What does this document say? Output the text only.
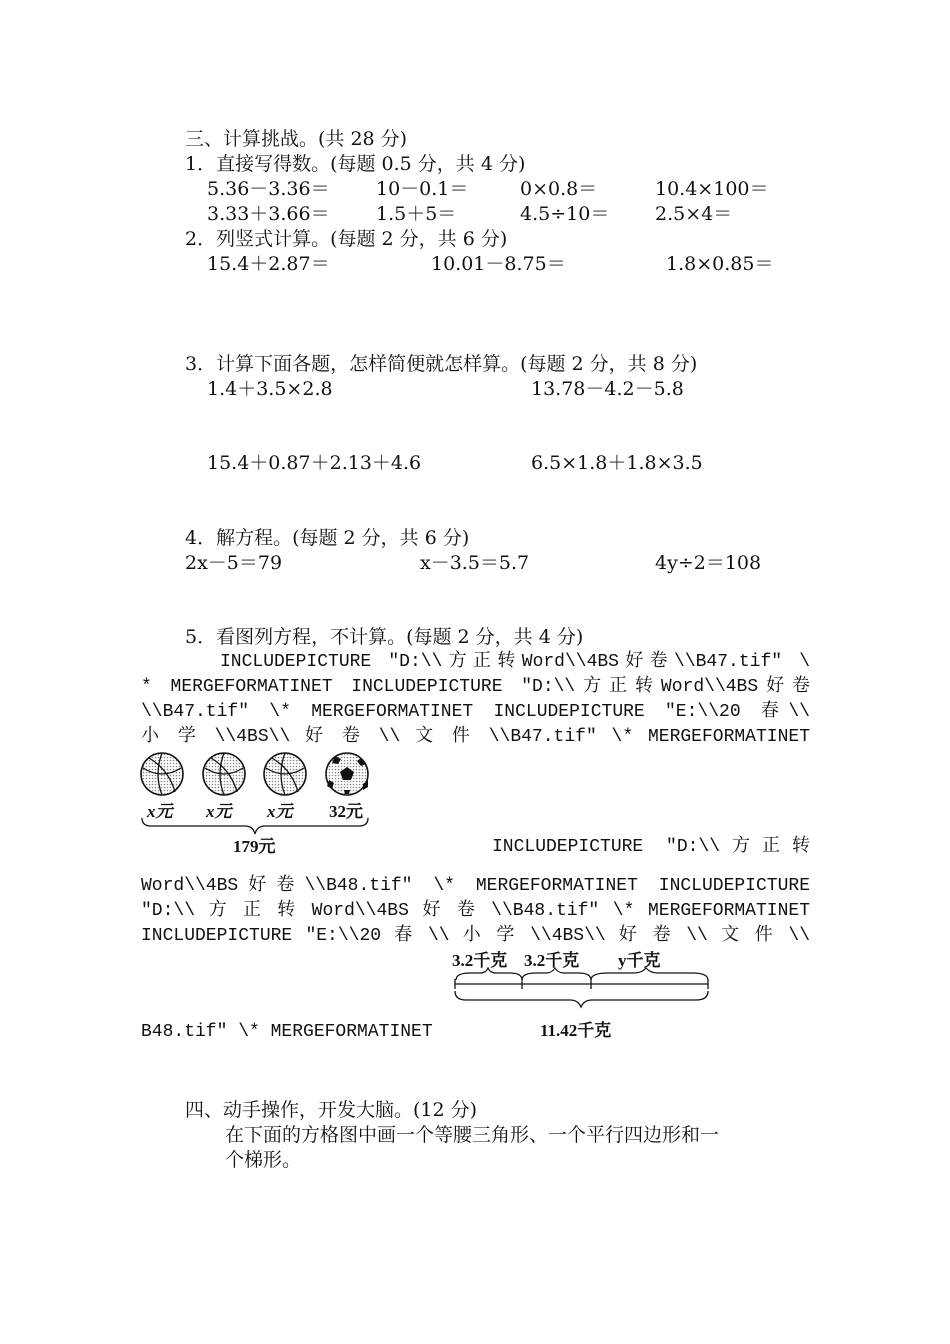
三、计算挑战。(共 28 分)
1．直接写得数。(每题 0.5 分，共 4 分)
5.36－3.36＝ 10－0.1＝	0×0.8＝	10.4×100＝
3.33＋3.66＝ 1.5＋5＝	4.5÷10＝ 2.5×4＝
2．列竖式计算。(每题 2 分，共 6 分)
15.4＋2.87＝	10.01－8.75＝	1.8×0.85＝
3．计算下面各题，怎样简便就怎样算。(每题 2 分，共 8 分)
1.4＋3.5×2.8	13.78－4.2－5.8
15.4＋0.87＋2.13＋4.6	6.5×1.8＋1.8×3.5
4．解方程。(每题 2 分，共 6 分)
2x－5＝79	x－3.5＝5.7	4y÷2＝108
5．看图列方程，不计算。(每题 2 分，共 4 分)
INCLUDEPICTURE "D:\\方正转Word\\4BS好卷\\B47.tif" \
* MERGEFORMATINET INCLUDEPICTURE "D:\\方正转Word\\4BS好卷
\\B47.tif" \* MERGEFORMATINET INCLUDEPICTURE "E:\\20 春\\
小 学 \\4BS\\ 好 卷 \\ 文 件 \\B47.tif" \* MERGEFORMATINET
x元 x元 x元 32元
179元	INCLUDEPICTURE "D:\\方正转
Word\\4BS好卷\\B48.tif" \* MERGEFORMATINET INCLUDEPICTURE
"D:\\ 方 正 转 Word\\4BS 好 卷 \\B48.tif" \* MERGEFORMATINET
INCLUDEPICTURE "E:\\20 春 \\ 小 学 \\4BS\\ 好 卷 \\ 文 件 \\
B48.tif" \* MERGEFORMATINET
3.2千克 3.2千克 y千克
11.42千克
四、动手操作，开发大脑。(12 分)
在下面的方格图中画一个等腰三角形、一个平行四边形和一
个梯形。
